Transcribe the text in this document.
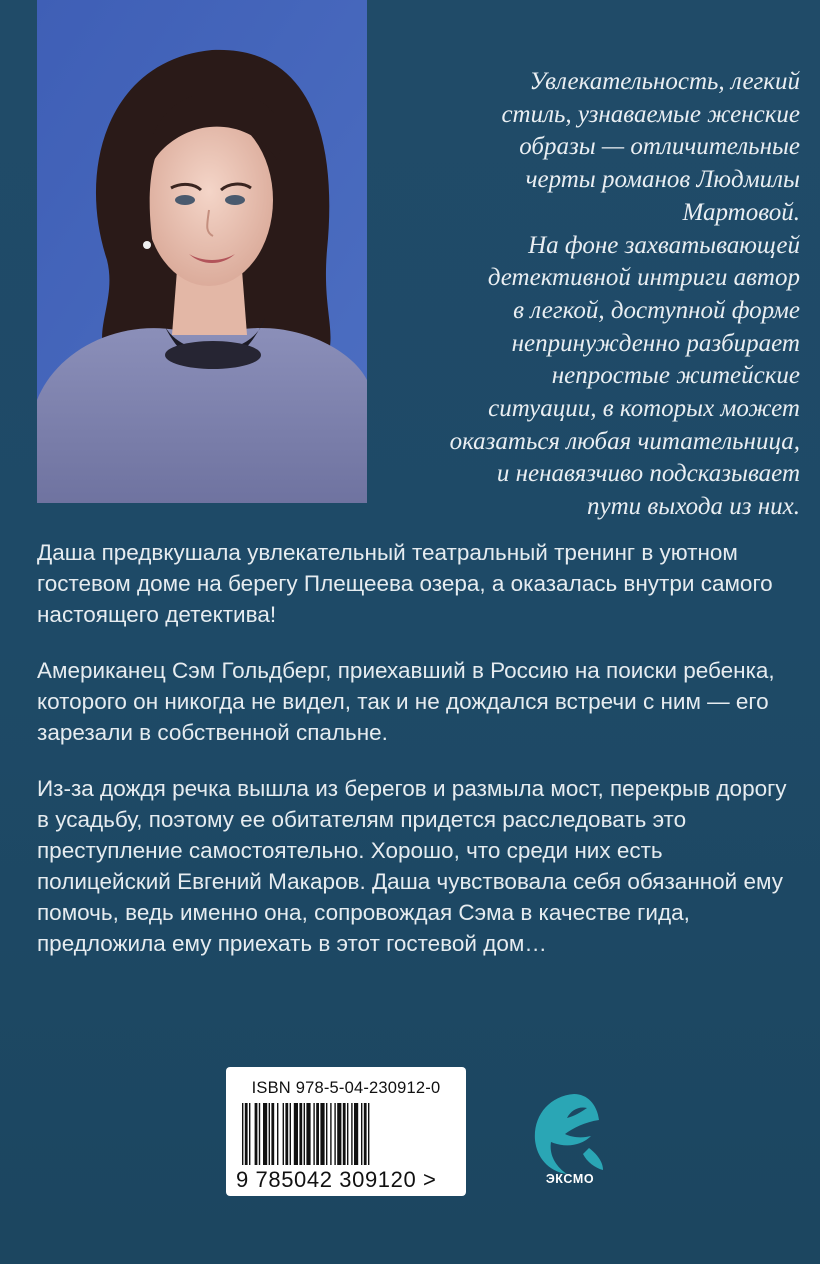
Увлекательность, легкий

стиль, узнаваемые женские

образы — отличительные

черты романов Людмилы

Мартовой.

На фоне захватывающей

детективной интриги автор

в легкой, доступной форме

непринужденно разбирает

непростые житейские

ситуации, в которых может

оказаться любая читательница,

и ненавязчиво подсказывает

пути выхода из них.

Даша предвкушала увлекательный театральный тренинг в уютном гостевом доме на берегу Плещеева озера, а оказалась внутри самого настоящего детектива!

Американец Сэм Гольдберг, приехавший в Россию на поиски ребенка, которого он никогда не видел, так и не дождался встречи с ним — его зарезали в собственной спальне.

Из-за дождя речка вышла из берегов и размыла мост, перекрыв дорогу в усадьбу, поэтому ее обитателям придется расследовать это преступление самостоятельно. Хорошо, что среди них есть полицейский Евгений Макаров. Даша чувствовала себя обязанной ему помочь, ведь именно она, сопровождая Сэма в качестве гида, предложила ему приехать в этот гостевой дом…

ISBN 978-5-04-230912-0
9 785042 309120 >	ЭКСМО
